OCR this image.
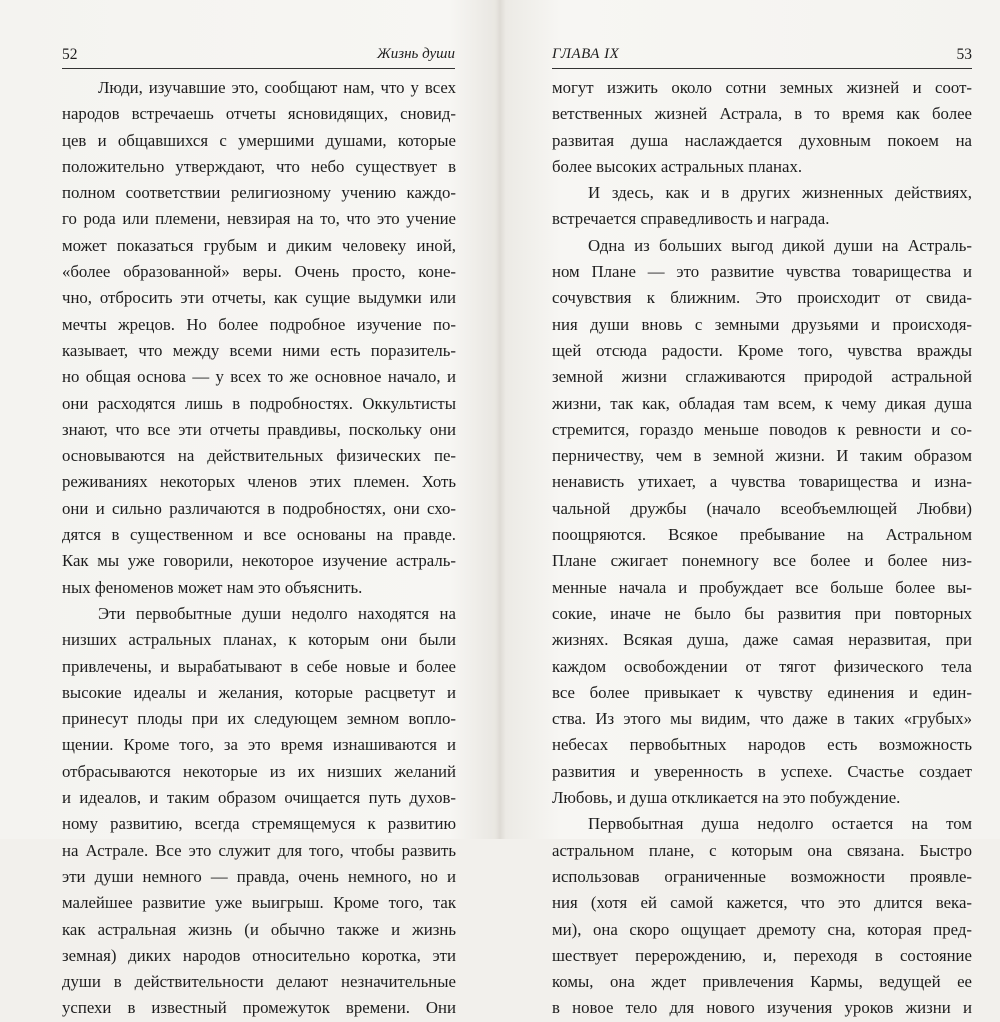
52	Жизнь души
Люди, изучавшие это, сообщают нам, что у всех
народов встречаешь отчеты ясновидящих, сновид-
цев и общавшихся с умершими душами, которые
положительно утверждают, что небо существует в
полном соответствии религиозному учению каждо-
го рода или племени, невзирая на то, что это учение
может показаться грубым и диким человеку иной,
«более образованной» веры. Очень просто, коне-
чно, отбросить эти отчеты, как сущие выдумки или
мечты жрецов. Но более подробное изучение по-
казывает, что между всеми ними есть поразитель-
но общая основа — у всех то же основное начало, и
они расходятся лишь в подробностях. Оккультисты
знают, что все эти отчеты правдивы, поскольку они
основываются на действительных физических пе-
реживаниях некоторых членов этих племен. Хоть
они и сильно различаются в подробностях, они схо-
дятся в существенном и все основаны на правде.
Как мы уже говорили, некоторое изучение астраль-
ных феноменов может нам это объяснить.
Эти первобытные души недолго находятся на
низших астральных планах, к которым они были
привлечены, и вырабатывают в себе новые и более
высокие идеалы и желания, которые расцветут и
принесут плоды при их следующем земном вопло-
щении. Кроме того, за это время изнашиваются и
отбрасываются некоторые из их низших желаний
и идеалов, и таким образом очищается путь духов-
ному развитию, всегда стремящемуся к развитию
на Астрале. Все это служит для того, чтобы развить
эти души немного — правда, очень немного, но и
малейшее развитие уже выигрыш. Кроме того, так
как астральная жизнь (и обычно также и жизнь
земная) диких народов относительно коротка, эти
души в действительности делают незначительные
успехи в известный промежуток времени. Они
ГЛАВА IX	53
могут изжить около сотни земных жизней и соот-
ветственных жизней Астрала, в то время как более
развитая душа наслаждается духовным покоем на
более высоких астральных планах.
И здесь, как и в других жизненных действиях,
встречается справедливость и награда.
Одна из больших выгод дикой души на Астраль-
ном Плане — это развитие чувства товарищества и
сочувствия к ближним. Это происходит от свида-
ния души вновь с земными друзьями и происходя-
щей отсюда радости. Кроме того, чувства вражды
земной жизни сглаживаются природой астральной
жизни, так как, обладая там всем, к чему дикая душа
стремится, гораздо меньше поводов к ревности и со-
перничеству, чем в земной жизни. И таким образом
ненависть утихает, а чувства товарищества и изна-
чальной дружбы (начало всеобъемлющей Любви)
поощряются. Всякое пребывание на Астральном
Плане сжигает понемногу все более и более низ-
менные начала и пробуждает все больше более вы-
сокие, иначе не было бы развития при повторных
жизнях. Всякая душа, даже самая неразвитая, при
каждом освобождении от тягот физического тела
все более привыкает к чувству единения и един-
ства. Из этого мы видим, что даже в таких «грубых»
небесах первобытных народов есть возможность
развития и уверенность в успехе. Счастье создает
Любовь, и душа откликается на это побуждение.
Первобытная душа недолго остается на том
астральном плане, с которым она связана. Быстро
использовав ограниченные возможности проявле-
ния (хотя ей самой кажется, что это длится века-
ми), она скоро ощущает дремоту сна, которая пред-
шествует перерождению, и, переходя в состояние
комы, она ждет привлечения Кармы, ведущей ее
в новое тело для нового изучения уроков жизни и
